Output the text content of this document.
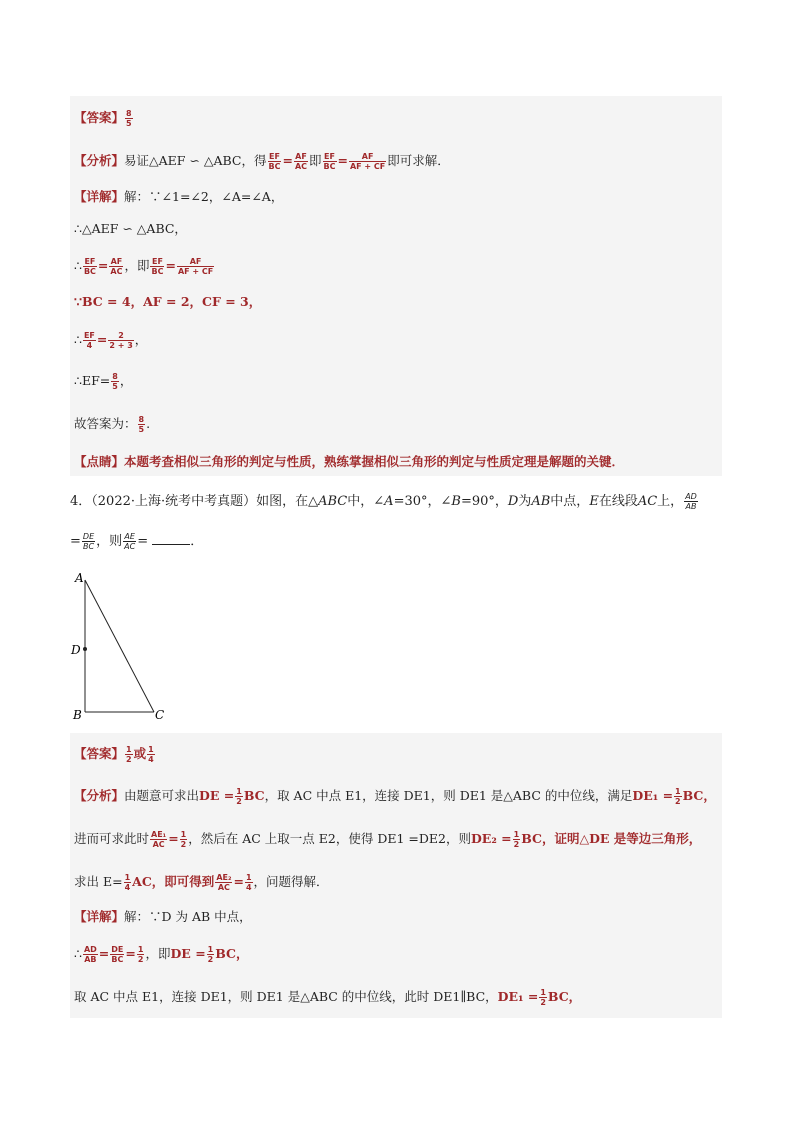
【答案】 $\frac{8}{5}$
【分析】易证△AEF ∽ △ABC，得 $\frac{EF}{BC} = \frac{AF}{AC}$ 即 $\frac{EF}{BC} = \frac{AF}{AF + CF}$ 即可求解．
【详解】解：∵∠1=∠2，∠A=∠A，
∴△AEF ∽ △ABC，
∴ $\frac{EF}{BC} = \frac{AF}{AC}$ ，即 $\frac{EF}{BC} = \frac{AF}{AF + CF}$
∵BC = 4，AF = 2，CF = 3，
∴ $\frac{EF}{4} = \frac{2}{2 + 3}$ ，
∴EF= $\frac{8}{5}$ ，
故答案为： $\frac{8}{5}$ .
【点睛】本题考查相似三角形的判定与性质，熟练掌握相似三角形的判定与性质定理是解题的关键．
4．（2022·上海·统考中考真题）如图，在△ABC中，∠A=30°，∠B=90°，D为AB中点，E在线段AC上， $\frac{AD}{AB}$
= $\frac{DE}{BC}$ ，则 $\frac{AE}{AC}$ =	．
A
D
B	C
【答案】 $\frac{1}{2}$ 或 $\frac{1}{4}$
【分析】由题意可求出DE = $\frac{1}{2}$ BC，取 AC 中点 E1，连接 DE1，则 DE1 是△ABC 的中位线，满足$DE_1 = \frac{1}{2}$ BC，
进而可求此时 $\frac{\text{AE₁}}{AC} = \frac{1}{2}$ ，然后在 AC 上取一点 E2，使得 DE1 =DE2，则$DE_2 = \frac{1}{2}$ BC，证明△DE 是等边三角形，
求出 $E= \frac{1}{4}$ AC，即可得到 $\frac{\text{AE₂}}{AC} = \frac{1}{4}$ ，问题得解．
【详解】解：∵D 为 AB 中点，
∴ $\frac{AD}{AB} = \frac{DE}{BC} = \frac{1}{2}$ ，即DE = $\frac{1}{2}$ BC，
取 AC 中点 E1，连接 DE1，则 DE1 是△ABC 的中位线，此时 DE1∥BC，$DE_1 = \frac{1}{2}$ BC，
